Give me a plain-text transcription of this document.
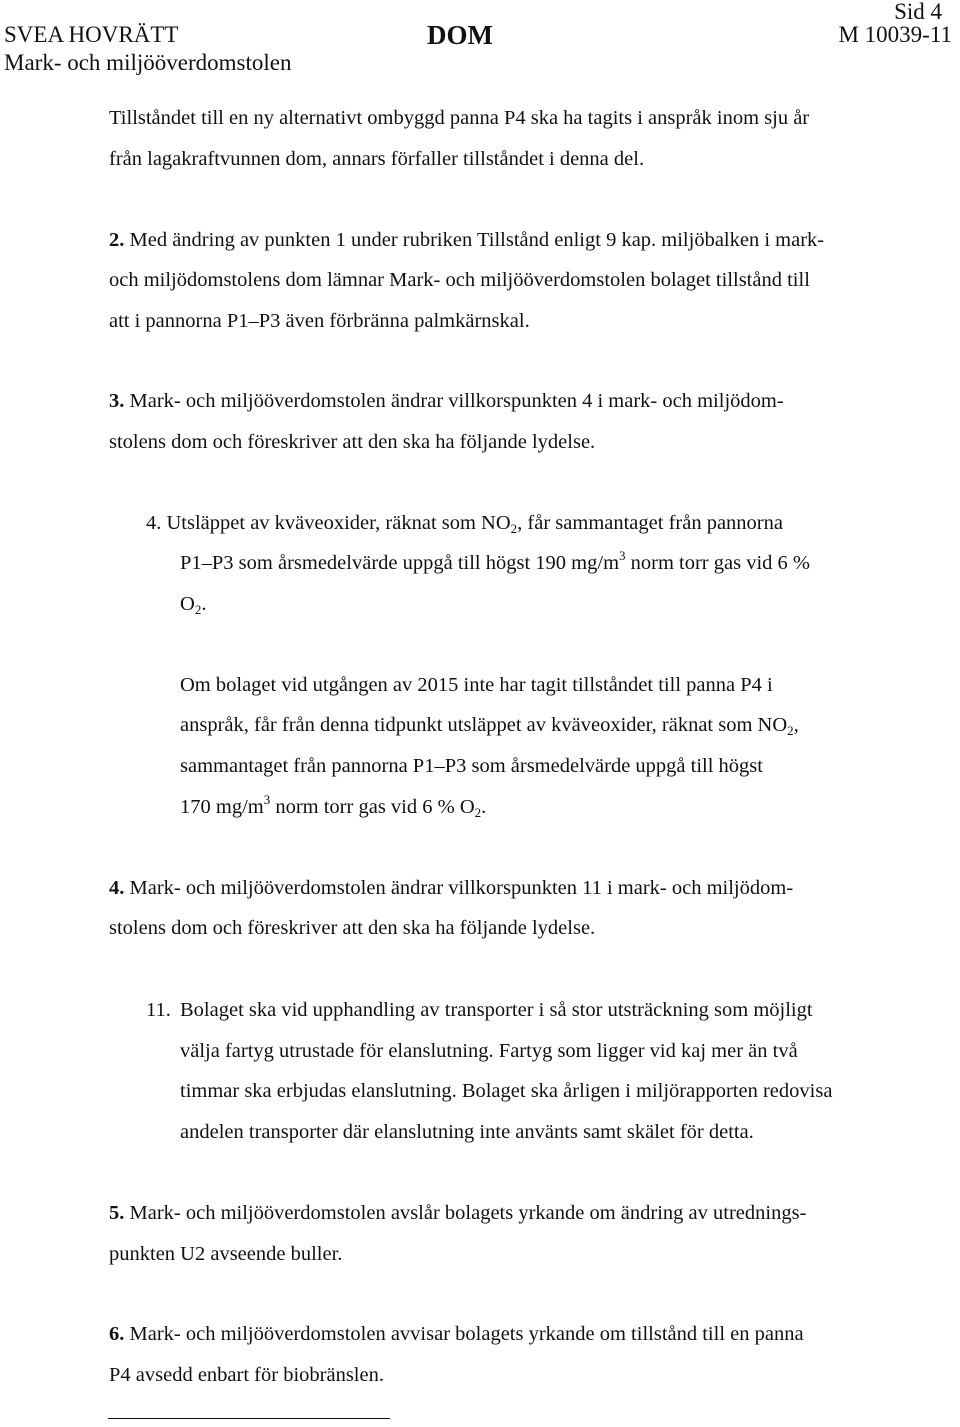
Sid 4
SVEA HOVRÄTT
Mark- och miljööverdomstolen
DOM	M 10039-11
Tillståndet till en ny alternativt ombyggd panna P4 ska ha tagits i anspråk inom sju år
från lagakraftvunnen dom, annars förfaller tillståndet i denna del.
2. Med ändring av punkten 1 under rubriken Tillstånd enligt 9 kap. miljöbalken i mark-
och miljödomstolens dom lämnar Mark- och miljööverdomstolen bolaget tillstånd till
att i pannorna P1–P3 även förbränna palmkärnskal.
3. Mark- och miljööverdomstolen ändrar villkorspunkten 4 i mark- och miljödom-
stolens dom och föreskriver att den ska ha följande lydelse.
4. Utsläppet av kväveoxider, räknat som $NO_2$, får sammantaget från pannorna
P1–P3 som årsmedelvärde uppgå till högst 190 $mg/m^3$ norm torr gas vid 6 %
$O_2$.
Om bolaget vid utgången av 2015 inte har tagit tillståndet till panna P4 i
anspråk, får från denna tidpunkt utsläppet av kväveoxider, räknat som $NO_2$,
sammantaget från pannorna P1–P3 som årsmedelvärde uppgå till högst
170 $mg/m^3$ norm torr gas vid 6 % $O_2$.
4. Mark- och miljööverdomstolen ändrar villkorspunkten 11 i mark- och miljödom-
stolens dom och föreskriver att den ska ha följande lydelse.
11. Bolaget ska vid upphandling av transporter i så stor utsträckning som möjligt
välja fartyg utrustade för elanslutning. Fartyg som ligger vid kaj mer än två
timmar ska erbjudas elanslutning. Bolaget ska årligen i miljörapporten redovisa
andelen transporter där elanslutning inte använts samt skälet för detta.
5. Mark- och miljööverdomstolen avslår bolagets yrkande om ändring av utrednings-
punkten U2 avseende buller.
6. Mark- och miljööverdomstolen avvisar bolagets yrkande om tillstånd till en panna
P4 avsedd enbart för biobränslen.
